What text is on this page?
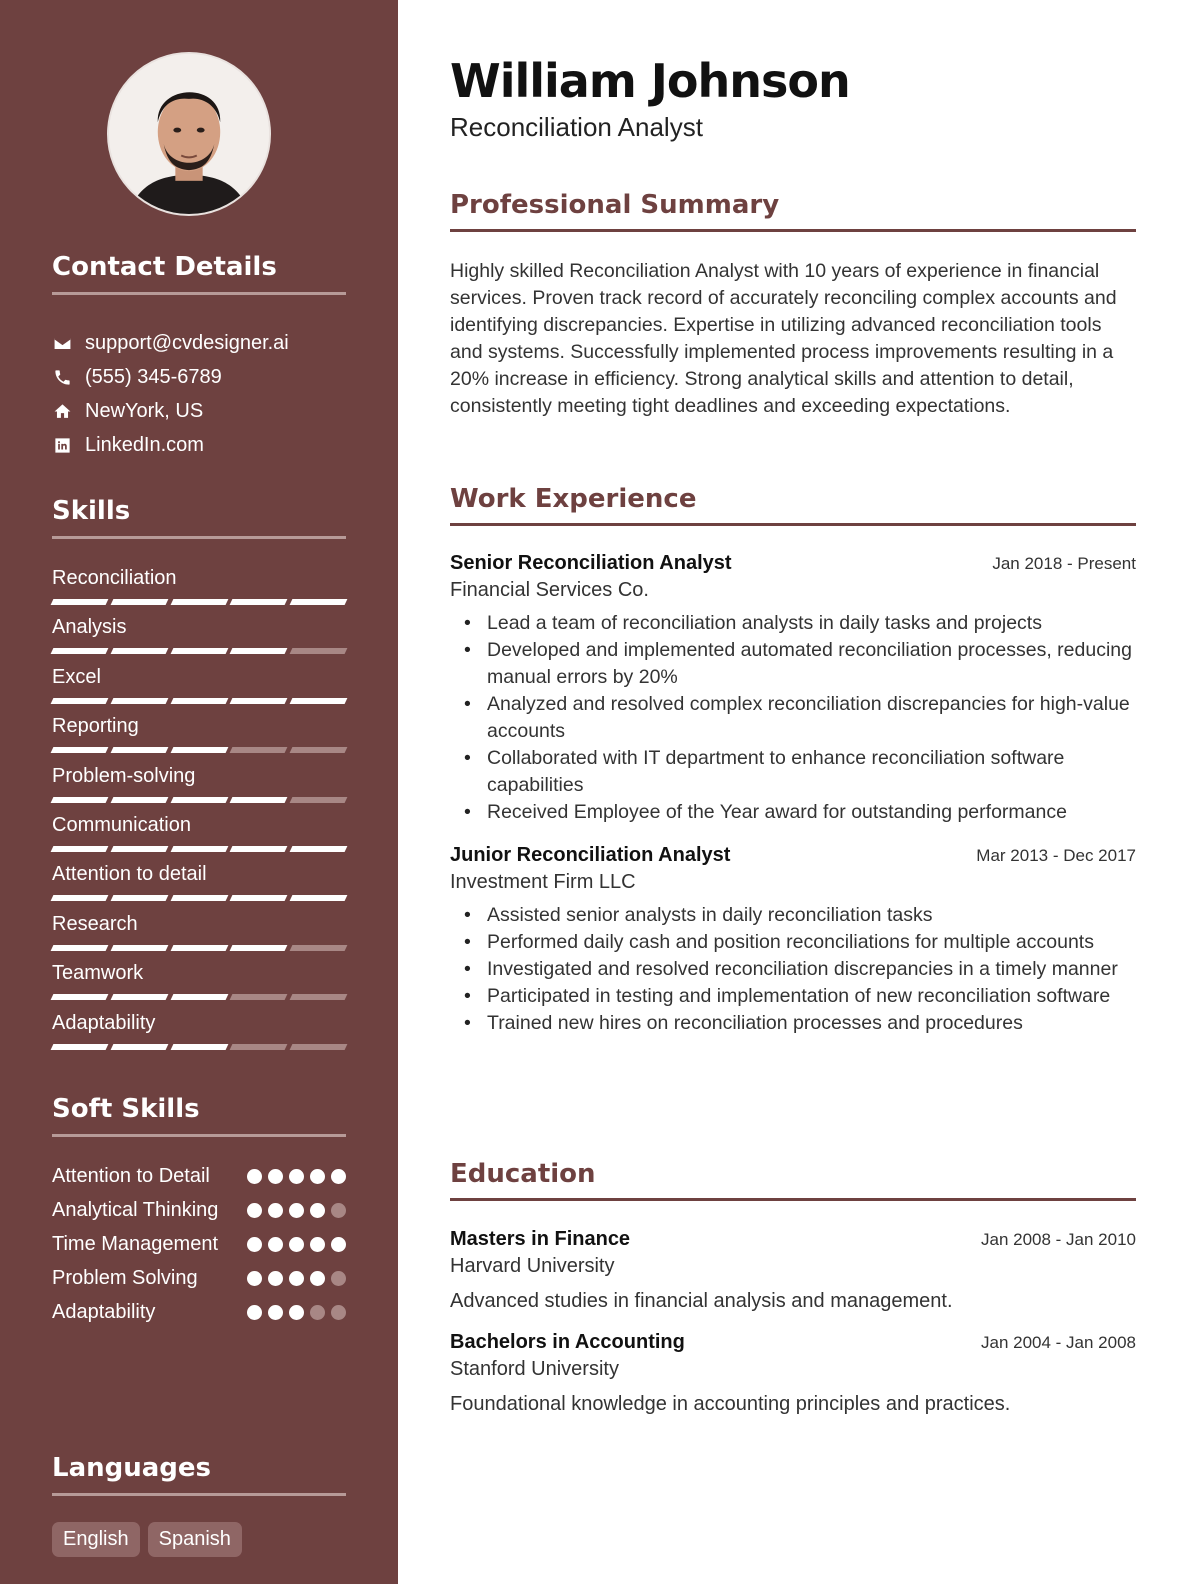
Contact Details
support@cvdesigner.ai
(555) 345-6789
NewYork, US
LinkedIn.com
Skills
Reconciliation
Analysis
Excel
Reporting
Problem-solving
Communication
Attention to detail
Research
Teamwork
Adaptability
Soft Skills
Attention to Detail
Analytical Thinking
Time Management
Problem Solving
Adaptability
Languages
English	Spanish
William Johnson
Reconciliation Analyst
Professional Summary

Highly skilled Reconciliation Analyst with 10 years of experience in financial services. Proven track record of accurately reconciling complex accounts and identifying discrepancies. Expertise in utilizing advanced reconciliation tools and systems. Successfully implemented process improvements resulting in a 20% increase in efficiency. Strong analytical skills and attention to detail, consistently meeting tight deadlines and exceeding expectations.

Work Experience
Senior Reconciliation Analyst	Jan 2018 - Present
Financial Services Co.
• Lead a team of reconciliation analysts in daily tasks and projects
• Developed and implemented automated reconciliation processes, reducing manual errors by 20%
• Analyzed and resolved complex reconciliation discrepancies for high-value accounts
• Collaborated with IT department to enhance reconciliation software capabilities
• Received Employee of the Year award for outstanding performance
Junior Reconciliation Analyst	Mar 2013 - Dec 2017
Investment Firm LLC
• Assisted senior analysts in daily reconciliation tasks
• Performed daily cash and position reconciliations for multiple accounts
• Investigated and resolved reconciliation discrepancies in a timely manner
• Participated in testing and implementation of new reconciliation software
• Trained new hires on reconciliation processes and procedures
Education
Masters in Finance	Jan 2008 - Jan 2010
Harvard University
Advanced studies in financial analysis and management.
Bachelors in Accounting	Jan 2004 - Jan 2008
Stanford University
Foundational knowledge in accounting principles and practices.
